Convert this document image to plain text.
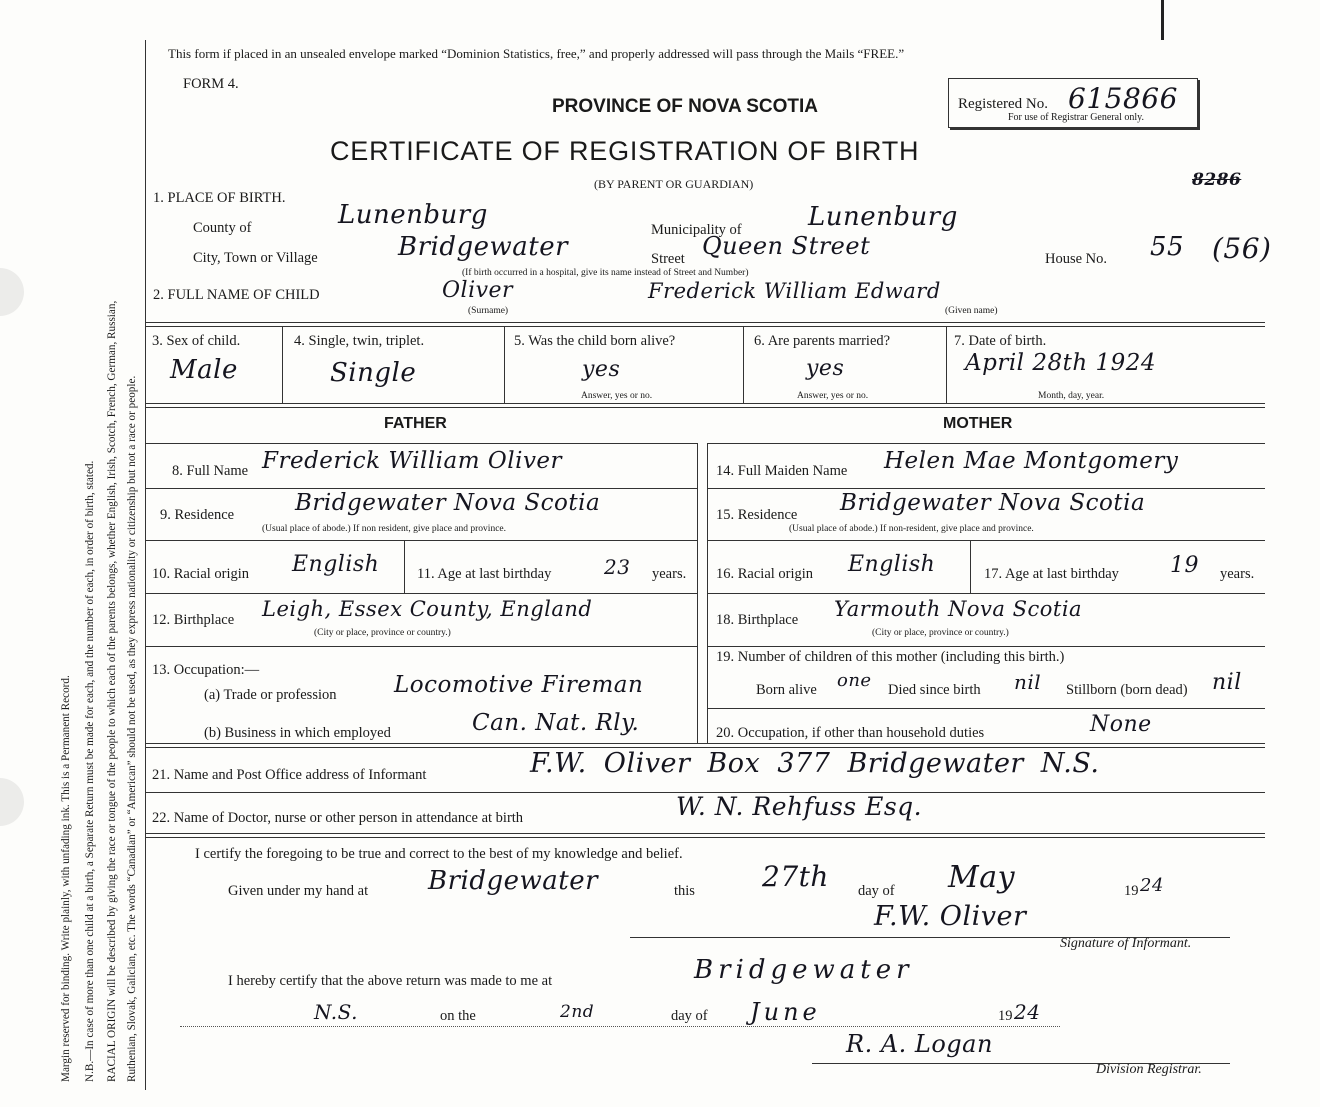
Margin reserved for binding. Write plainly, with unfading ink. This is a Permanent Record. N.B.—In case of more than one child at a birth, a Separate Return must be made for each, and the number of each, in order of birth, stated. RACIAL ORIGIN will be described by giving the race or tongue of the people to which each of the parents belongs, whether English, Irish, Scotch, French, German, Russian, Ruthenian, Slovak, Galician, etc. The words “Canadian” or “American” should not be used, as they express nationality or citizenship but not a race or people.
This form if placed in an unsealed envelope marked “Dominion Statistics, free,” and properly addressed will pass through the Mails “FREE.”
FORM 4.
PROVINCE OF NOVA SCOTIA
CERTIFICATE OF REGISTRATION OF BIRTH
(BY PARENT OR GUARDIAN)
Registered No. 615866
For use of Registrar General only.
8286
1. PLACE OF BIRTH.
County of	Lunenburg	Municipality of	Lunenburg
City, Town or Village	Bridgewater	Street Queen Street	House No. 55 (56)
(If birth occurred in a hospital, give its name instead of Street and Number)
2. FULL NAME OF CHILD	Oliver	Frederick William Edward
(Surname)	(Given name)
3. Sex of child.
Male
4. Single, twin, triplet.
Single
5. Was the child born alive?
yes
Answer, yes or no.
6. Are parents married?
yes
Answer, yes or no.
7. Date of birth.
April 28th 1924
Month, day, year.
FATHER	MOTHER
8. Full Name Frederick William Oliver
9. Residence	Bridgewater Nova Scotia
(Usual place of abode.) If non resident, give place and province.
10. Racial origin English	11. Age at last birthday	23 years.
12. Birthplace Leigh, Essex County, England
(City or place, province or country.)
13. Occupation:—
(a) Trade or profession	Locomotive Fireman
(b) Business in which employed	Can. Nat. Rly.
14. Full Maiden Name Helen Mae Montgomery
15. Residence Bridgewater Nova Scotia
(Usual place of abode.) If non-resident, give place and province.
16. Racial origin English	17. Age at last birthday 19 years.
18. Birthplace Yarmouth Nova Scotia
(City or place, province or country.)
19. Number of children of this mother (including this birth.)
Born alive one Died since birth nil Stillborn (born dead) nil
20. Occupation, if other than household duties	None
21. Name and Post Office address of Informant	F.W. Oliver Box 377 Bridgewater N.S.
22. Name of Doctor, nurse or other person in attendance at birth	W. N. Rehfuss Esq.
I certify the foregoing to be true and correct to the best of my knowledge and belief.
Given under my hand at Bridgewater	this 27th day of May	19 24
F.W. Oliver
Signature of Informant.
I hereby certify that the above return was made to me at	Bridgewater
N.S.	on the	2nd	day of June	19 24
R. A. Logan
Division Registrar.
